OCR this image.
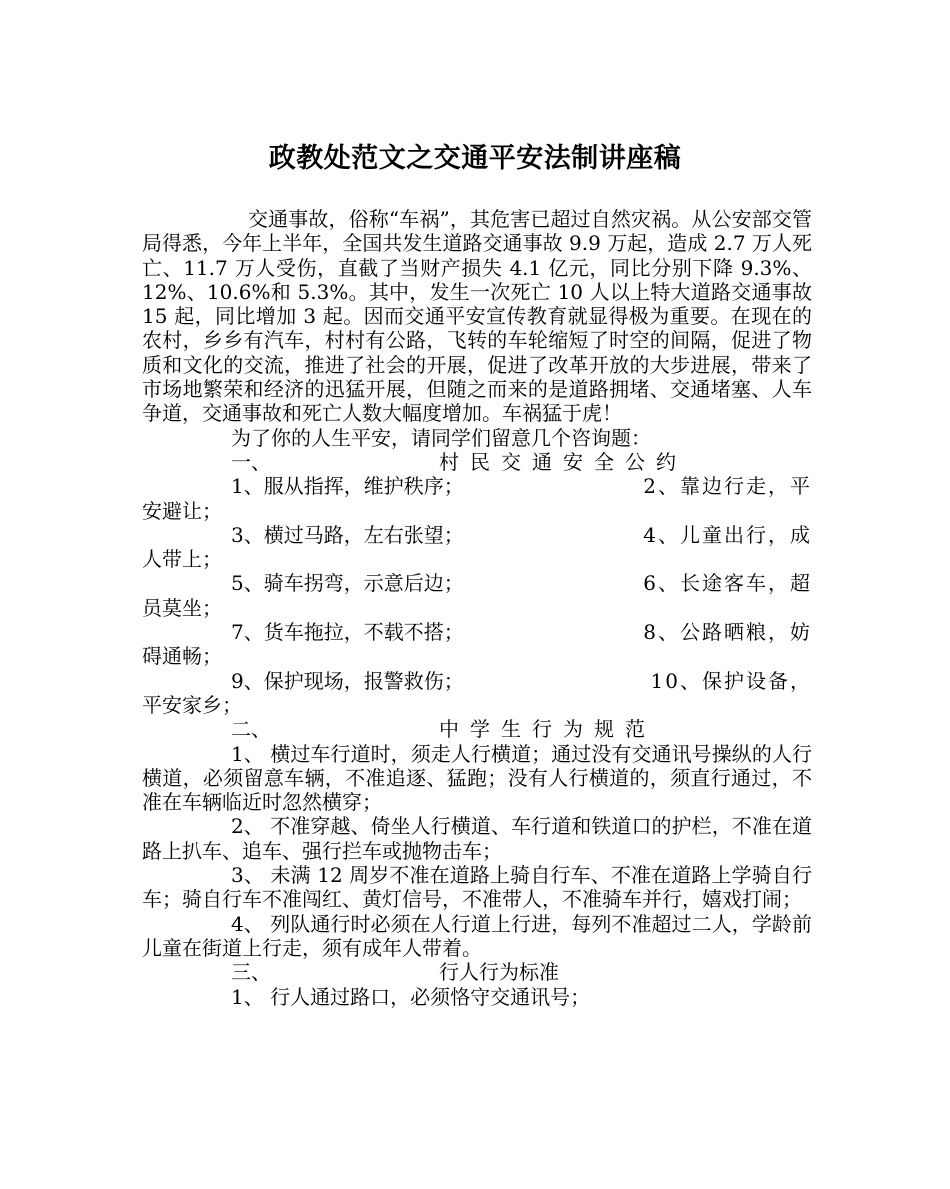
政教处范文之交通平安法制讲座稿

交通事故，俗称“车祸”，其危害已超过自然灾祸。从公安部交管局得悉，今年上半年，全国共发生道路交通事故 9.9 万起，造成 2.7 万人死亡、11.7 万人受伤，直截了当财产损失 4.1 亿元，同比分别下降 9.3%、12%、10.6%和 5.3%。其中，发生一次死亡 10 人以上特大道路交通事故 15 起，同比增加 3 起。因而交通平安宣传教育就显得极为重要。在现在的农村，乡乡有汽车，村村有公路，飞转的车轮缩短了时空的间隔，促进了物质和文化的交流，推进了社会的开展，促进了改革开放的大步进展，带来了市场地繁荣和经济的迅猛开展，但随之而来的是道路拥堵、交通堵塞、人车争道，交通事故和死亡人数大幅度增加。车祸猛于虎！

为了你的人生平安，请同学们留意几个咨询题：
一、	村民交通安全公约
1、服从指挥，维护秩序；	2、靠边行走，平
安避让；
3、横过马路，左右张望；	4、儿童出行，成
人带上；
5、骑车拐弯，示意后边；	6、长途客车，超
员莫坐；
7、货车拖拉，不载不搭；	8、公路晒粮，妨
碍通畅；
9、保护现场，报警救伤；	10、保护设备，
平安家乡；
二、	中学生行为规范

1、 横过车行道时，须走人行横道；通过没有交通讯号操纵的人行横道，必须留意车辆，不准追逐、猛跑；没有人行横道的，须直行通过，不准在车辆临近时忽然横穿；

2、 不准穿越、倚坐人行横道、车行道和铁道口的护栏，不准在道路上扒车、追车、强行拦车或抛物击车；

3、 未满 12 周岁不准在道路上骑自行车、不准在道路上学骑自行车；骑自行车不准闯红、黄灯信号，不准带人，不准骑车并行，嬉戏打闹；

4、 列队通行时必须在人行道上行进，每列不准超过二人，学龄前儿童在街道上行走，须有成年人带着。

三、	行人行为标准

1、 行人通过路口，必须恪守交通讯号；
